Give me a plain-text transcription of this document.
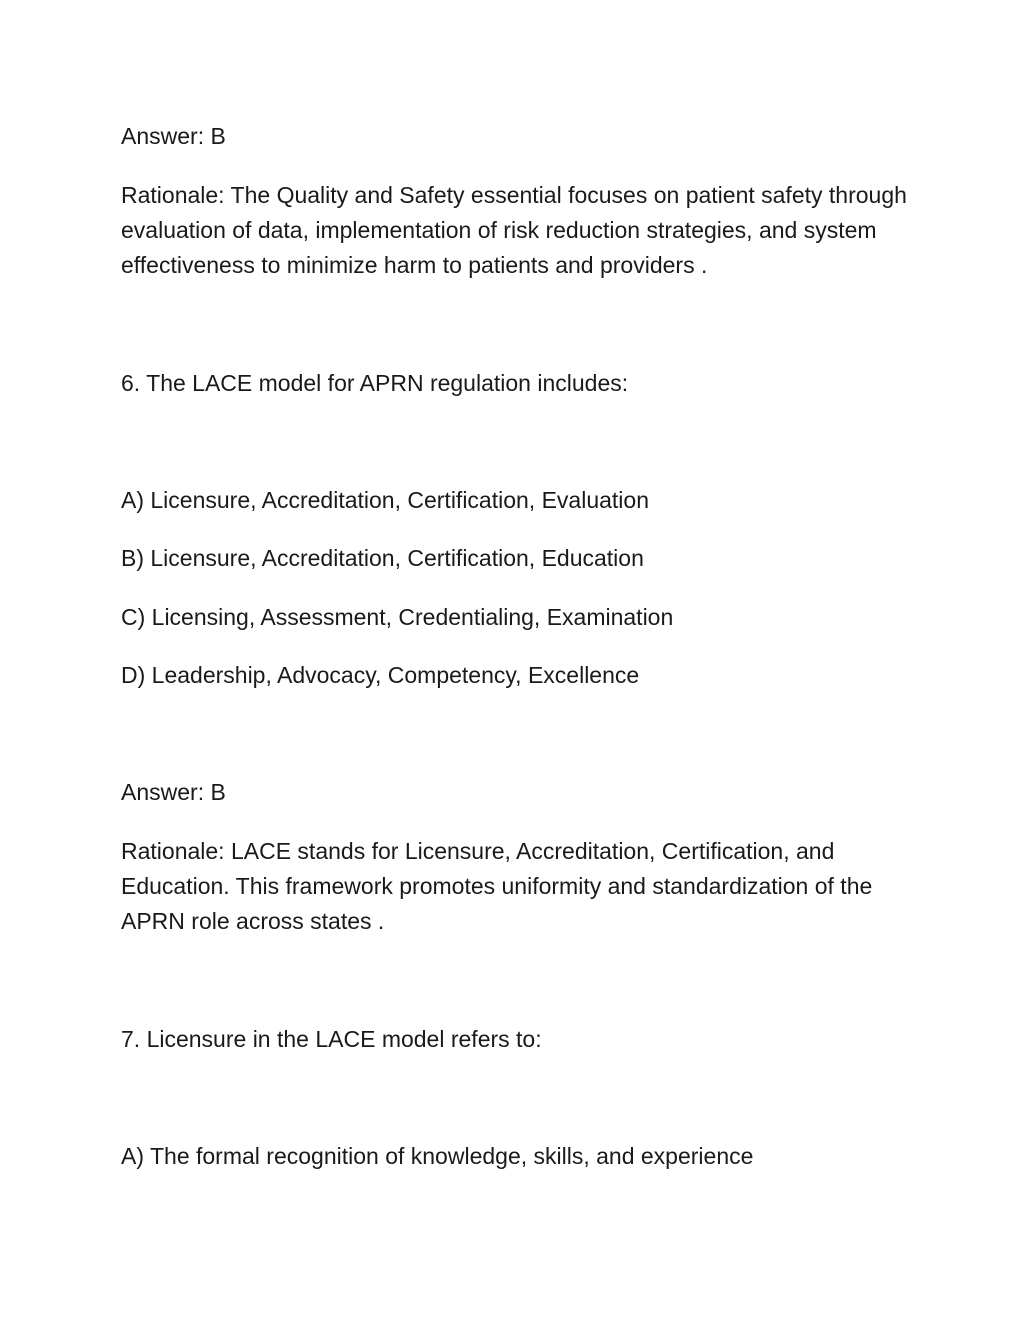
Answer: B

Rationale: The Quality and Safety essential focuses on patient safety through evaluation of data, implementation of risk reduction strategies, and system effectiveness to minimize harm to patients and providers .

6. The LACE model for APRN regulation includes:

A) Licensure, Accreditation, Certification, Evaluation

B) Licensure, Accreditation, Certification, Education

C) Licensing, Assessment, Credentialing, Examination

D) Leadership, Advocacy, Competency, Excellence

Answer: B

Rationale: LACE stands for Licensure, Accreditation, Certification, and Education. This framework promotes uniformity and standardization of the APRN role across states .

7. Licensure in the LACE model refers to:

A) The formal recognition of knowledge, skills, and experience
